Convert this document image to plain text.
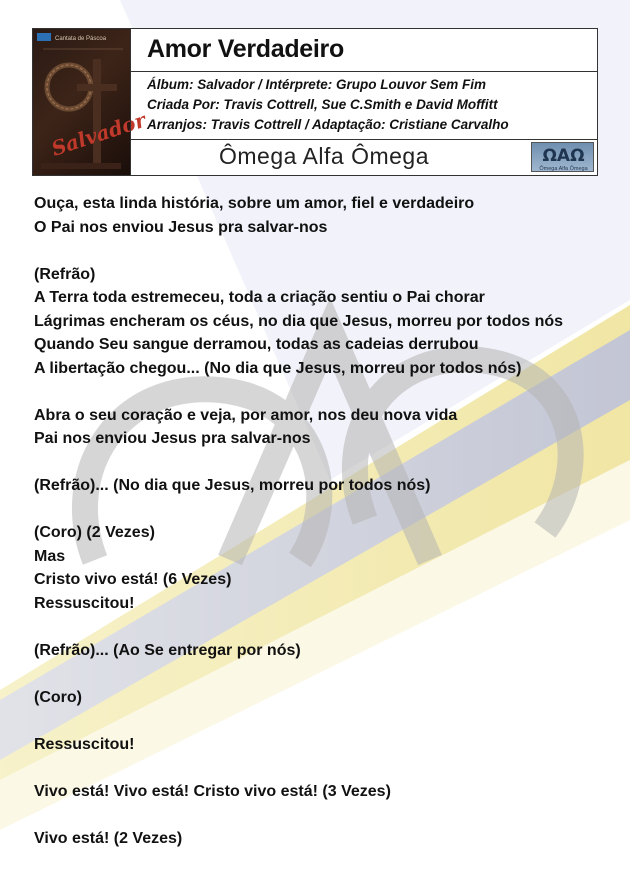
Cantata de Páscoa
Salvador
Amor Verdadeiro
Álbum: Salvador / Intérprete: Grupo Louvor Sem Fim
Criada Por: Travis Cottrell, Sue C.Smith e David Moffitt
Arranjos: Travis Cottrell / Adaptação: Cristiane Carvalho
Ômega Alfa Ômega	ΩAΩ
Ômega Alfa Ômega
Ouça, esta linda história, sobre um amor, fiel e verdadeiro
O Pai nos enviou Jesus pra salvar-nos
(Refrão)
A Terra toda estremeceu, toda a criação sentiu o Pai chorar
Lágrimas encheram os céus, no dia que Jesus, morreu por todos nós
Quando Seu sangue derramou, todas as cadeias derrubou
A libertação chegou... (No dia que Jesus, morreu por todos nós)
Abra o seu coração e veja, por amor, nos deu nova vida
Pai nos enviou Jesus pra salvar-nos
(Refrão)... (No dia que Jesus, morreu por todos nós)
(Coro) (2 Vezes)
Mas
Cristo vivo está! (6 Vezes)
Ressuscitou!
(Refrão)... (Ao Se entregar por nós)
(Coro)
Ressuscitou!
Vivo está! Vivo está! Cristo vivo está! (3 Vezes)
Vivo está! (2 Vezes)
